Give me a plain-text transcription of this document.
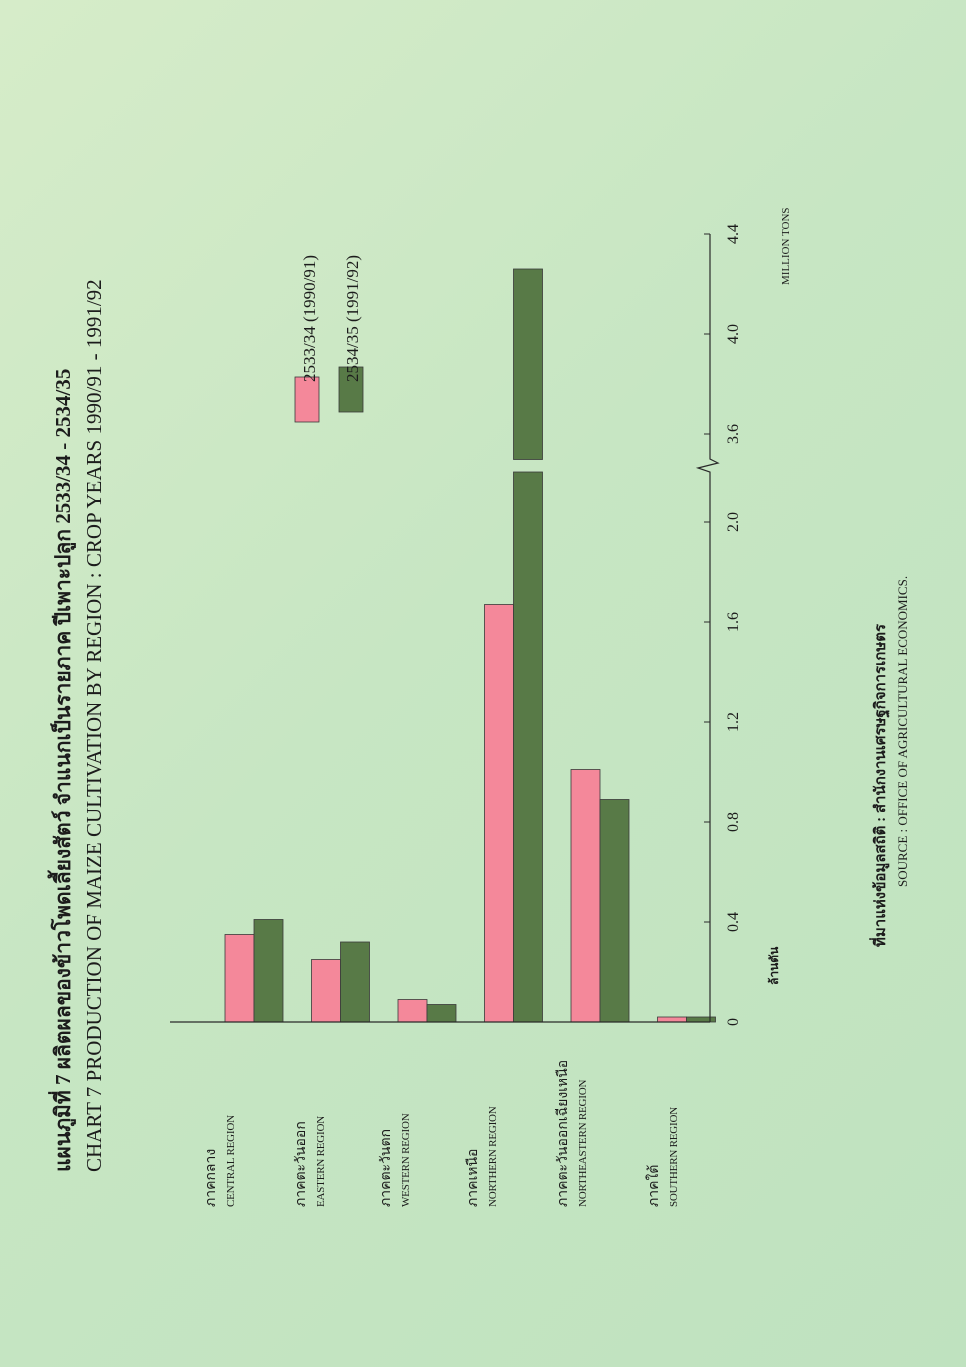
แผนภูมิที่ 7 ผลิตผลของข้าวโพดเลี้ยงสัตว์ จำแนกเป็นรายภาค ปีเพาะปลูก 2533/34 - 2534/35 CHART 7 PRODUCTION OF MAIZE CULTIVATION BY REGION : CROP YEARS 1990/91 - 1991/92
ภาคกลาง CENTRAL REGION	ภาคตะวันออก EASTERN REGION	ภาคตะวันตก WESTERN REGION	ภาคเหนือ NORTHERN REGION	ภาคตะวันออกเฉียงเหนือ NORTHEASTERN REGION	ภาคใต้ SOUTHERN REGION
0
0.4
0.8
1.2
1.6
2.0
3.6
4.0
4.4
2533/34 (1990/91) 2534/35 (1991/92)
MILLION TONS
ล้านตัน
ที่มาแห่งข้อมูลสถิติ : สำนักงานเศรษฐกิจการเกษตร SOURCE : OFFICE OF AGRICULTURAL ECONOMICS.
